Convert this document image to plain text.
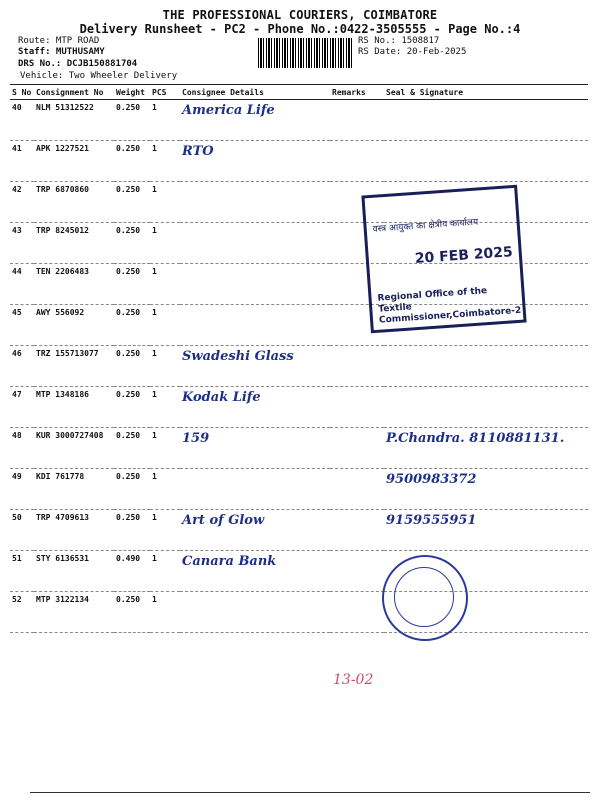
THE PROFESSIONAL COURIERS, COIMBATORE
Delivery Runsheet - PC2 - Phone No.:0422-3505555 - Page No.:4
Route: MTP ROAD
Staff: MUTHUSAMY
DRS No.: DCJB150881704
Vehicle: Two Wheeler Delivery
RS No.: 1508817
RS Date: 20-Feb-2025
S No	Consignment No	Weight	PCS	Consignee Details	Remarks	Seal & Signature
40	NLM 51312522	0.250	1	America Life		
41	APK 1227521	0.250	1	RTO		
42	TRP 6870860	0.250	1			
43	TRP 8245012	0.250	1			
44	TEN 2206483	0.250	1			
45	AWY 556092	0.250	1			
46	TRZ 155713077	0.250	1	Swadeshi Glass		
47	MTP 1348186	0.250	1	Kodak Life		
48	KUR 3000727408	0.250	1	159		P.Chandra. 8110881131.
49	KDI 761778	0.250	1			9500983372
50	TRP 4709613	0.250	1	Art of Glow		9159555951
51	STY 6136531	0.490	1	Canara Bank		
52	MTP 3122134	0.250	1			
वस्त्र आयुक्त का क्षेत्रीय कार्यालय
20 FEB 2025
Regional Office of the Textile Commissioner,Coimbatore-2
13-02
